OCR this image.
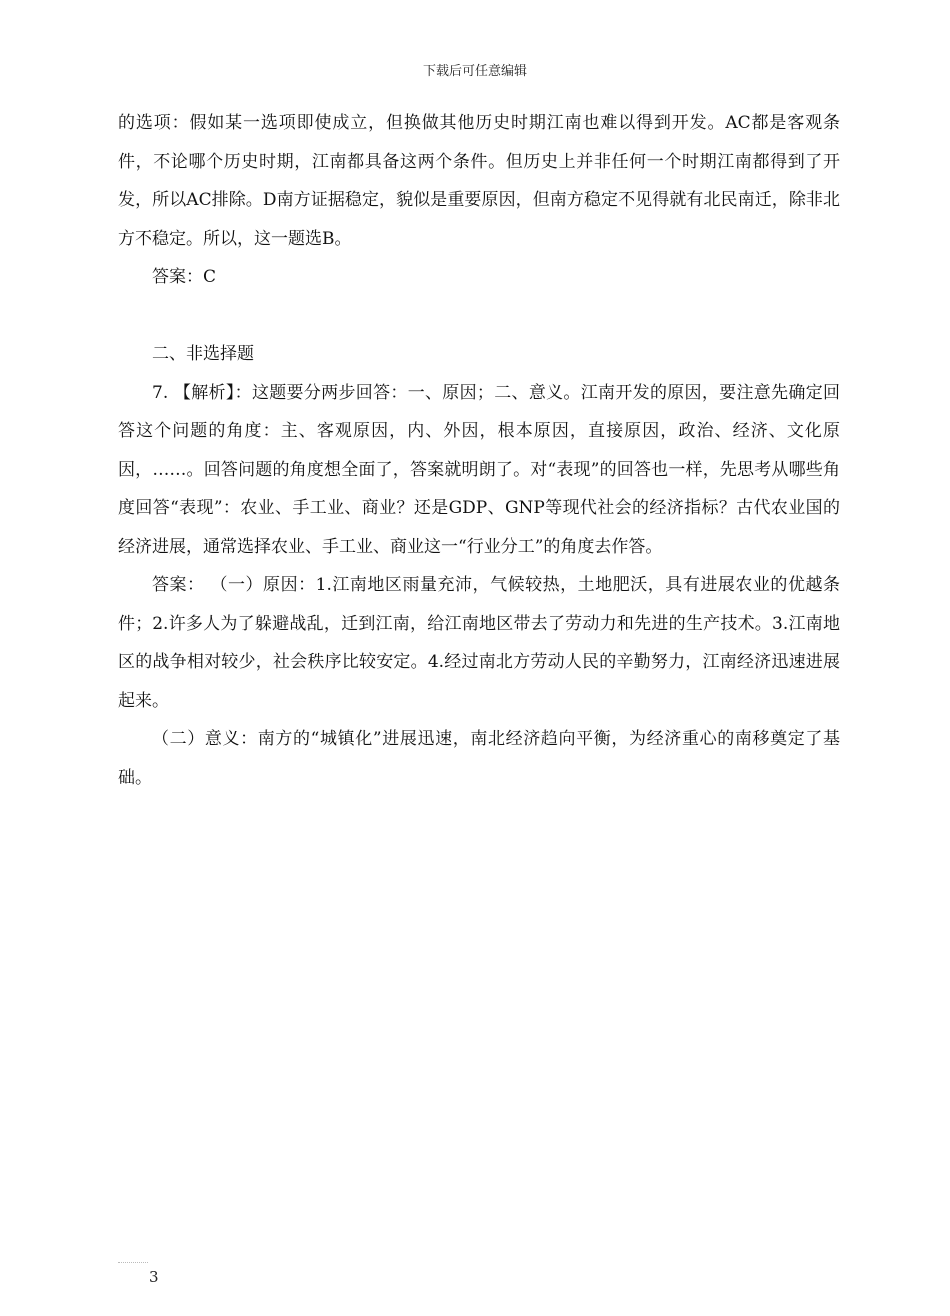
下载后可任意编辑

的选项：假如某一选项即使成立，但换做其他历史时期江南也难以得到开发。AC都是客观条件，不论哪个历史时期，江南都具备这两个条件。但历史上并非任何一个时期江南都得到了开发，所以AC排除。D南方证据稳定，貌似是重要原因，但南方稳定不见得就有北民南迁，除非北方不稳定。所以，这一题选B。

答案：C

二、非选择题

7. 【解析】：这题要分两步回答：一、原因；二、意义。江南开发的原因，要注意先确定回答这个问题的角度：主、客观原因，内、外因，根本原因，直接原因，政治、经济、文化原因，……。回答问题的角度想全面了，答案就明朗了。对“表现”的回答也一样，先思考从哪些角度回答“表现”：农业、手工业、商业？还是GDP、GNP等现代社会的经济指标？古代农业国的经济进展，通常选择农业、手工业、商业这一“行业分工”的角度去作答。

答案： （一）原因：1.江南地区雨量充沛，气候较热，土地肥沃，具有进展农业的优越条件；2.许多人为了躲避战乱，迁到江南，给江南地区带去了劳动力和先进的生产技术。3.江南地区的战争相对较少，社会秩序比较安定。4.经过南北方劳动人民的辛勤努力，江南经济迅速进展起来。

（二）意义：南方的“城镇化”进展迅速，南北经济趋向平衡，为经济重心的南移奠定了基础。

3
